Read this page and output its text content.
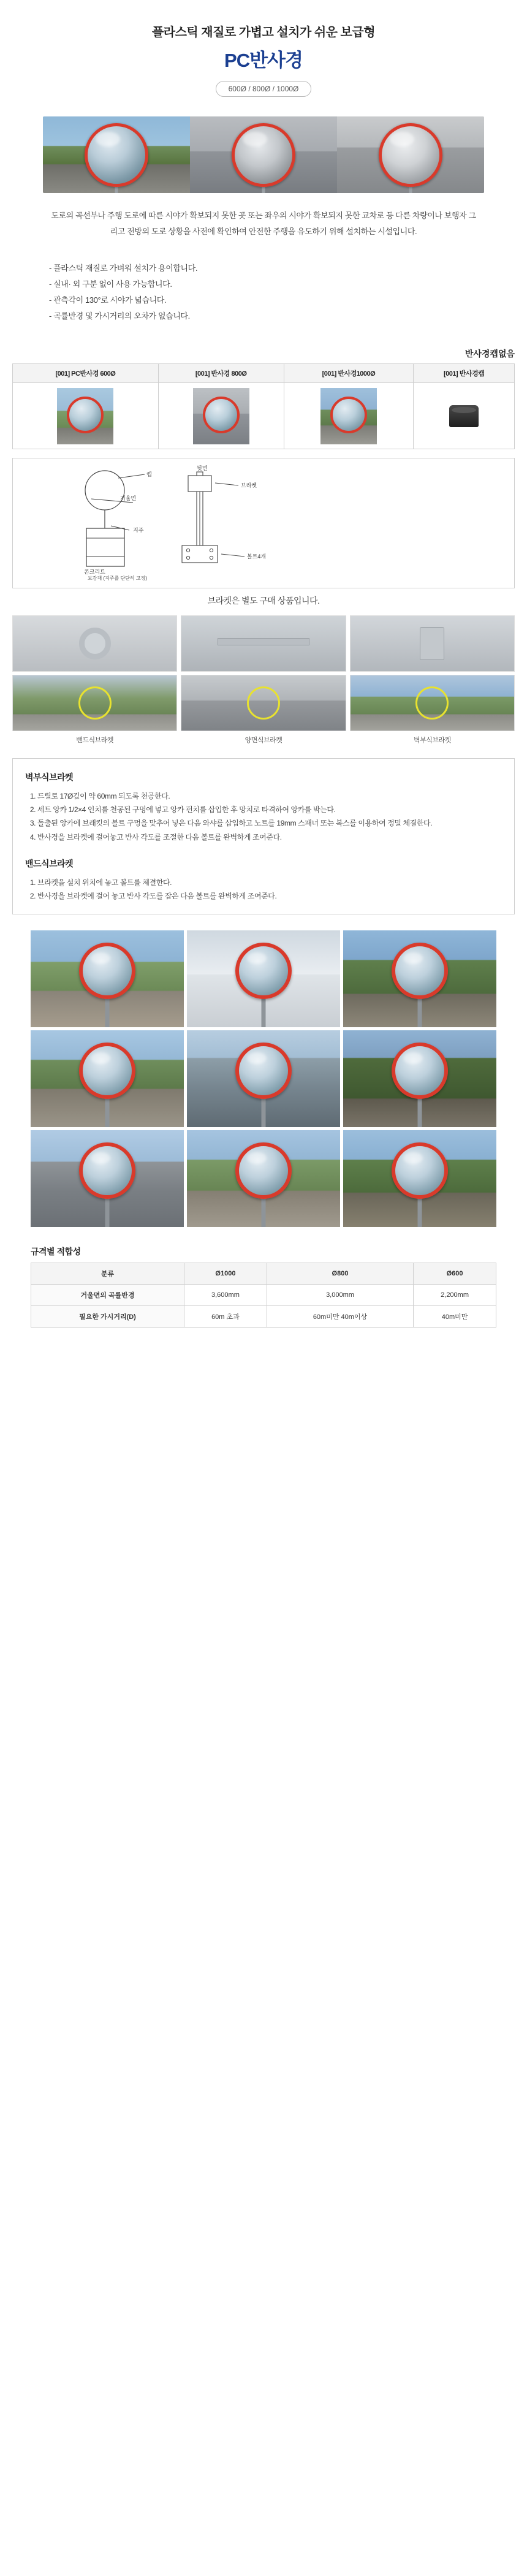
플라스틱 재질로 가볍고 설치가 쉬운 보급형
PC반사경
600Ø / 800Ø / 1000Ø
도로의 곡선부나 주행 도로에 따른 시야가 확보되지 못한 곳 또는 좌우의 시야가 확보되지 못한 교차로 등 다른 차량이나 보행자 그리고 전방의 도로 상황을 사전에 확인하여 안전한 주행을 유도하기 위해 설치하는 시설입니다.
- 플라스틱 재질로 가벼워 설치가 용이합니다.
- 실내· 외 구분 없이 사용 가능합니다.
- 관측각이 130°로 시야가 넓습니다.
- 곡률반경 및 가시거리의 오차가 없습니다.
반사경캡없음
[001] PC반사경 600Ø	[001] 반사경 800Ø	[001] 반사경1000Ø	[001] 반사경캡

캡
거울면
지주
콘크리트
보강재 (지주를 단단히 고정)
뒷면
브라켓
볼트4개
브라켓은 별도 구매 상품입니다.
밴드식브라켓	양면식브라켓	벽부식브라켓
벽부식브라켓
1. 드릴로 17Ø깊이 약 60mm 되도록 천공한다.
2. 세트 앙카 1/2×4 인치를 천공된 구멍에 넣고 앙카 펀치를 삽입한 후 망치로 타격하여 앙카를 박는다.
3. 돌출된 앙카에 브래킷의 볼트 구멍을 맞추어 넣은 다음 와샤를 삽입하고 노트를 19mm 스패너 또는 복스를 이용하여 정밀 체결한다.
4. 반사경을 브라켓에 걸어놓고 반사 각도를 조절한 다음 볼트를 완벽하게 조여준다.
밴드식브라켓
1. 브라켓을 설치 위치에 놓고 볼트를 체결한다.
2. 반사경을 브라켓에 걸어 놓고 반사 각도를 잡은 다음 볼트를 완벽하게 조여준다.
규격별 적합성
분류	Ø1000	Ø800	Ø600
거울면의 곡률반경	3,600mm	3,000mm	2,200mm
필요한 가시거리(D)	60m 초과	60m미만 40m이상	40m미만
